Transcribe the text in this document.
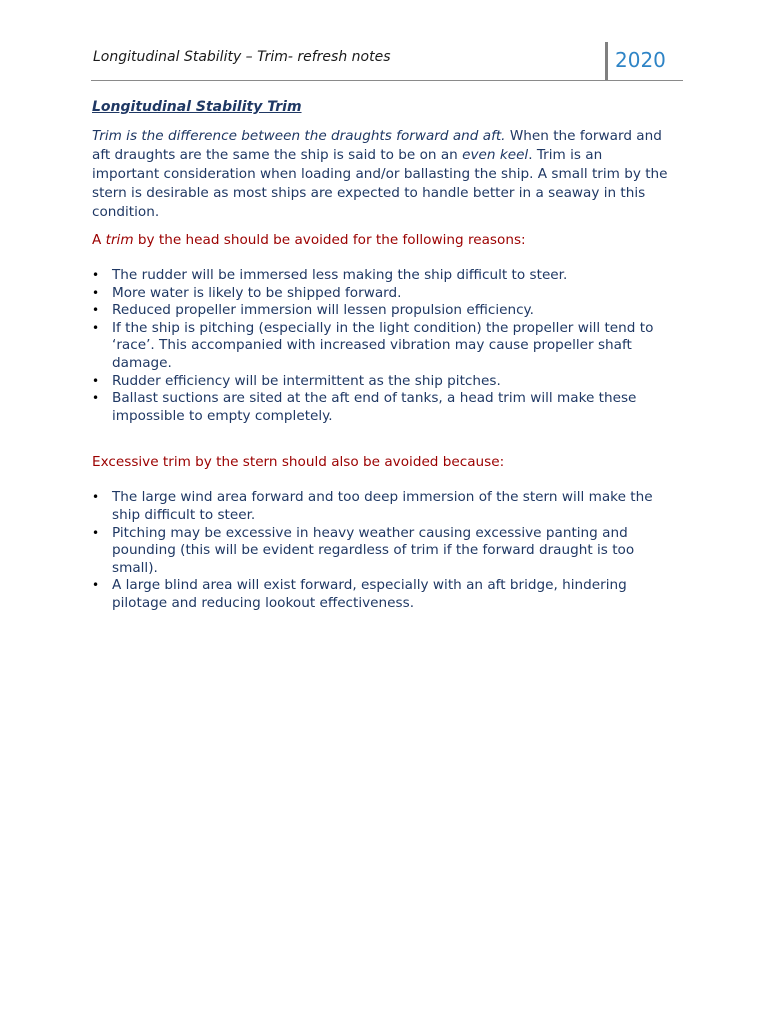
Longitudinal Stability – Trim- refresh notes	2020
Longitudinal Stability Trim

Trim is the difference between the draughts forward and aft. When the forward and aft draughts are the same the ship is said to be on an even keel. Trim is an important consideration when loading and/or ballasting the ship. A small trim by the stern is desirable as most ships are expected to handle better in a seaway in this condition.

A trim by the head should be avoided for the following reasons:

• The rudder will be immersed less making the ship difficult to steer.
• More water is likely to be shipped forward.
• Reduced propeller immersion will lessen propulsion efficiency.
• If the ship is pitching (especially in the light condition) the propeller will tend to ‘race’. This accompanied with increased vibration may cause propeller shaft damage.
• Rudder efficiency will be intermittent as the ship pitches.
• Ballast suctions are sited at the aft end of tanks, a head trim will make these impossible to empty completely.

Excessive trim by the stern should also be avoided because:

• The large wind area forward and too deep immersion of the stern will make the ship difficult to steer.
• Pitching may be excessive in heavy weather causing excessive panting and pounding (this will be evident regardless of trim if the forward draught is too small).
• A large blind area will exist forward, especially with an aft bridge, hindering pilotage and reducing lookout effectiveness.
